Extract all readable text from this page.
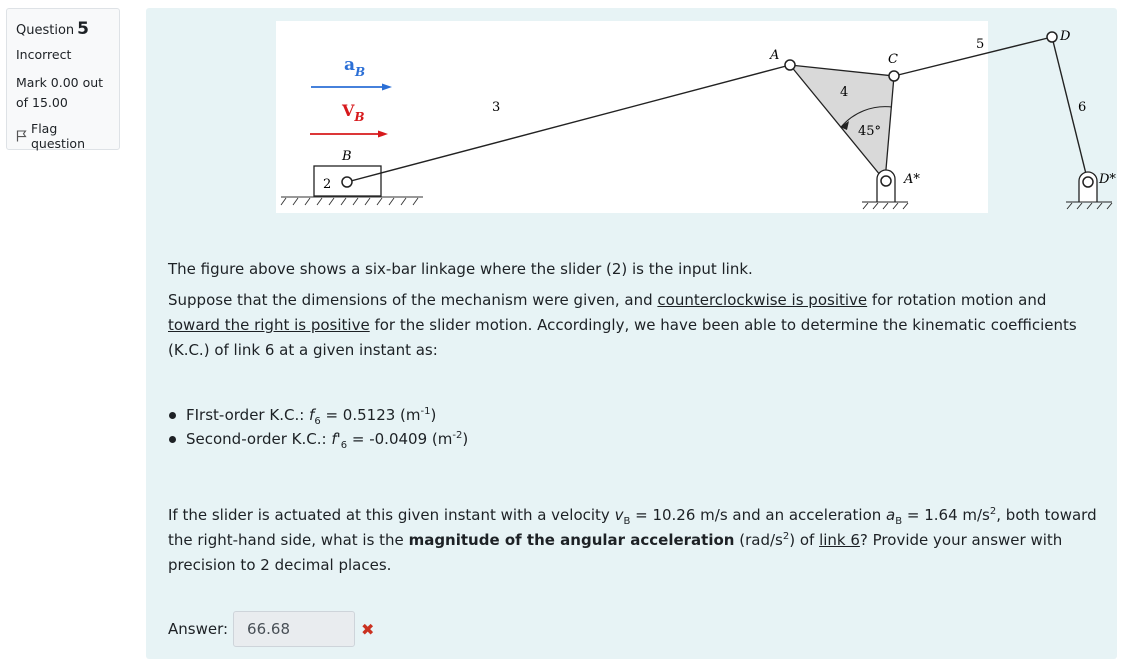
Question 5
Incorrect
Mark 0.00 out of 15.00
Flag question
2
$a_B$
$V_B$
B
3
A
4
C
45°
5
6
A*	D*
D

The figure above shows a six-bar linkage where the slider (2) is the input link.

Suppose that the dimensions of the mechanism were given, and counterclockwise is positive for rotation motion and toward the right is positive for the slider motion. Accordingly, we have been able to determine the kinematic coefficients (K.C.) of link 6 at a given instant as:

FIrst-order K.C.: $f_6 = 0.5123$ $(m^{-1})$
Second-order K.C.: $f'_6 = -0.0409$ $(m^{-2})$

If the slider is actuated at this given instant with a velocity $v_B = 10.26$ m/s and an acceleration $a_B = 1.64$ $m/s^2$, both toward the right-hand side, what is the magnitude of the angular acceleration $(rad/s^2)$ of link 6? Provide your answer with precision to 2 decimal places.

Answer:	66.68	✖
